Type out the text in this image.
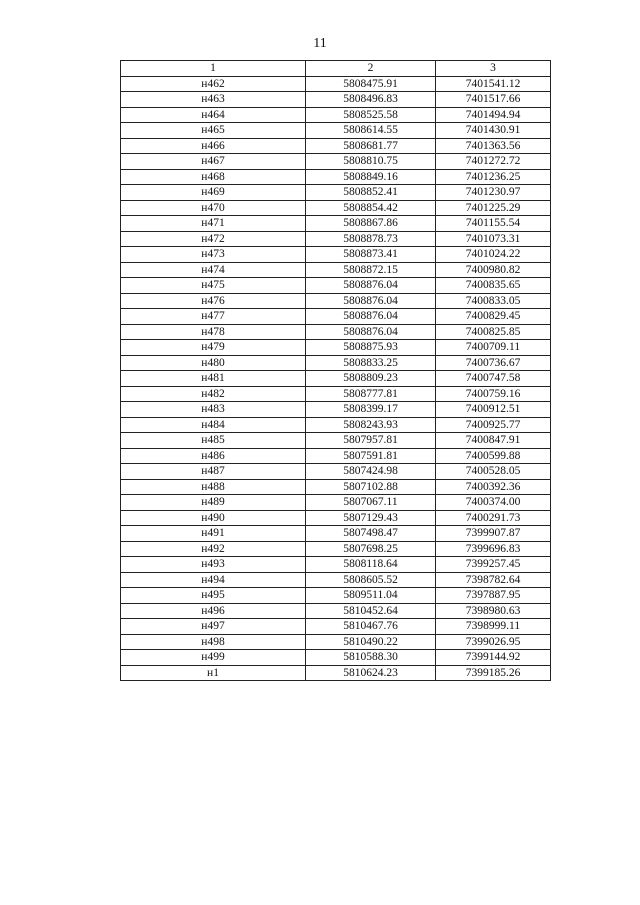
11
1	2	3
н462	5808475.91	7401541.12
н463	5808496.83	7401517.66
н464	5808525.58	7401494.94
н465	5808614.55	7401430.91
н466	5808681.77	7401363.56
н467	5808810.75	7401272.72
н468	5808849.16	7401236.25
н469	5808852.41	7401230.97
н470	5808854.42	7401225.29
н471	5808867.86	7401155.54
н472	5808878.73	7401073.31
н473	5808873.41	7401024.22
н474	5808872.15	7400980.82
н475	5808876.04	7400835.65
н476	5808876.04	7400833.05
н477	5808876.04	7400829.45
н478	5808876.04	7400825.85
н479	5808875.93	7400709.11
н480	5808833.25	7400736.67
н481	5808809.23	7400747.58
н482	5808777.81	7400759.16
н483	5808399.17	7400912.51
н484	5808243.93	7400925.77
н485	5807957.81	7400847.91
н486	5807591.81	7400599.88
н487	5807424.98	7400528.05
н488	5807102.88	7400392.36
н489	5807067.11	7400374.00
н490	5807129.43	7400291.73
н491	5807498.47	7399907.87
н492	5807698.25	7399696.83
н493	5808118.64	7399257.45
н494	5808605.52	7398782.64
н495	5809511.04	7397887.95
н496	5810452.64	7398980.63
н497	5810467.76	7398999.11
н498	5810490.22	7399026.95
н499	5810588.30	7399144.92
н1	5810624.23	7399185.26
